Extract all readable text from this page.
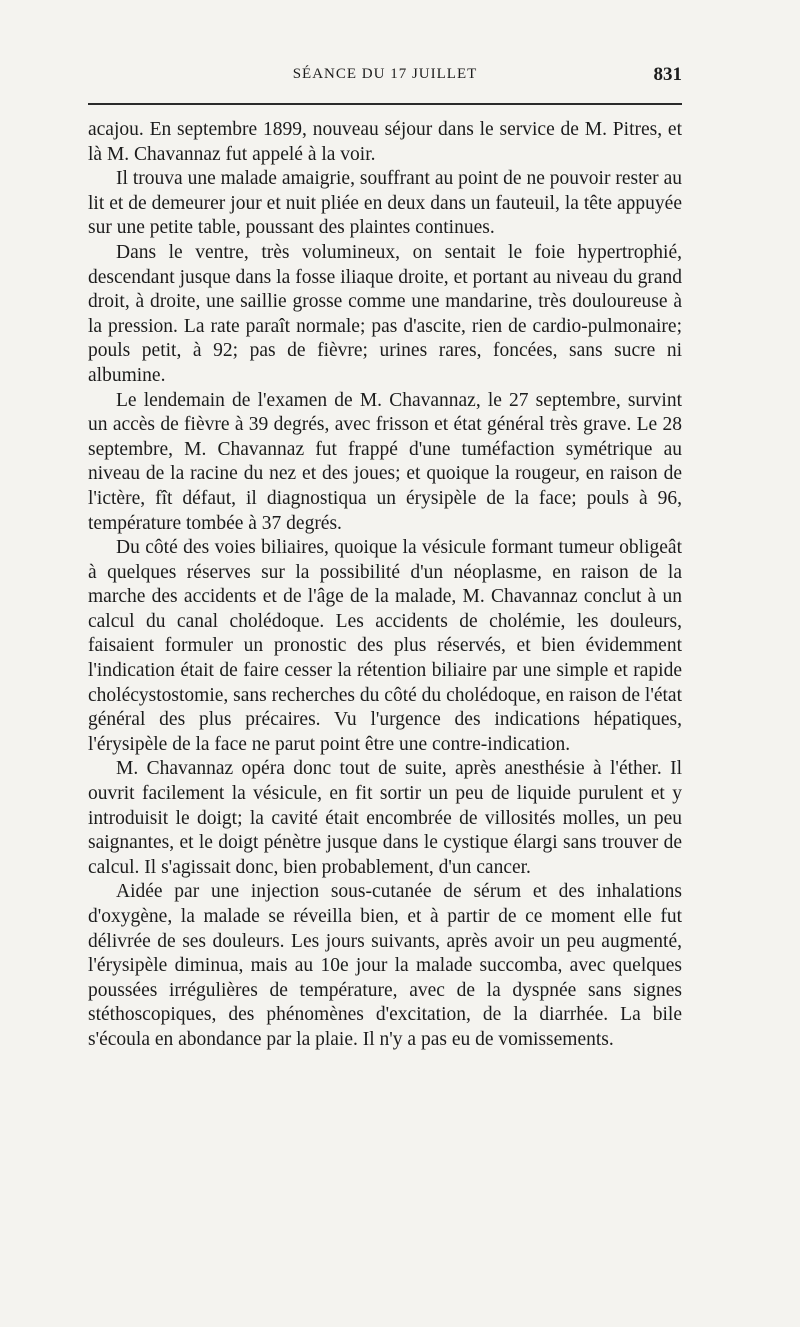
SÉANCE DU 17 JUILLET	831

acajou. En septembre 1899, nouveau séjour dans le service de M. Pitres, et là M. Chavannaz fut appelé à la voir.

Il trouva une malade amaigrie, souffrant au point de ne pouvoir rester au lit et de demeurer jour et nuit pliée en deux dans un fauteuil, la tête appuyée sur une petite table, poussant des plaintes continues.

Dans le ventre, très volumineux, on sentait le foie hypertrophié, descendant jusque dans la fosse iliaque droite, et portant au niveau du grand droit, à droite, une saillie grosse comme une mandarine, très douloureuse à la pression. La rate paraît normale; pas d'ascite, rien de cardio-pulmonaire; pouls petit, à 92; pas de fièvre; urines rares, foncées, sans sucre ni albumine.

Le lendemain de l'examen de M. Chavannaz, le 27 septembre, survint un accès de fièvre à 39 degrés, avec frisson et état général très grave. Le 28 septembre, M. Chavannaz fut frappé d'une tuméfaction symétrique au niveau de la racine du nez et des joues; et quoique la rougeur, en raison de l'ictère, fît défaut, il diagnostiqua un érysipèle de la face; pouls à 96, température tombée à 37 degrés.

Du côté des voies biliaires, quoique la vésicule formant tumeur obligeât à quelques réserves sur la possibilité d'un néoplasme, en raison de la marche des accidents et de l'âge de la malade, M. Chavannaz conclut à un calcul du canal cholédoque. Les accidents de cholémie, les douleurs, faisaient formuler un pronostic des plus réservés, et bien évidemment l'indication était de faire cesser la rétention biliaire par une simple et rapide cholécystostomie, sans recherches du côté du cholédoque, en raison de l'état général des plus précaires. Vu l'urgence des indications hépatiques, l'érysipèle de la face ne parut point être une contre-indication.

M. Chavannaz opéra donc tout de suite, après anesthésie à l'éther. Il ouvrit facilement la vésicule, en fit sortir un peu de liquide purulent et y introduisit le doigt; la cavité était encombrée de villosités molles, un peu saignantes, et le doigt pénètre jusque dans le cystique élargi sans trouver de calcul. Il s'agissait donc, bien probablement, d'un cancer.

Aidée par une injection sous-cutanée de sérum et des inhalations d'oxygène, la malade se réveilla bien, et à partir de ce moment elle fut délivrée de ses douleurs. Les jours suivants, après avoir un peu augmenté, l'érysipèle diminua, mais au 10e jour la malade succomba, avec quelques poussées irrégulières de température, avec de la dyspnée sans signes stéthoscopiques, des phénomènes d'excitation, de la diarrhée. La bile s'écoula en abondance par la plaie. Il n'y a pas eu de vomissements.
